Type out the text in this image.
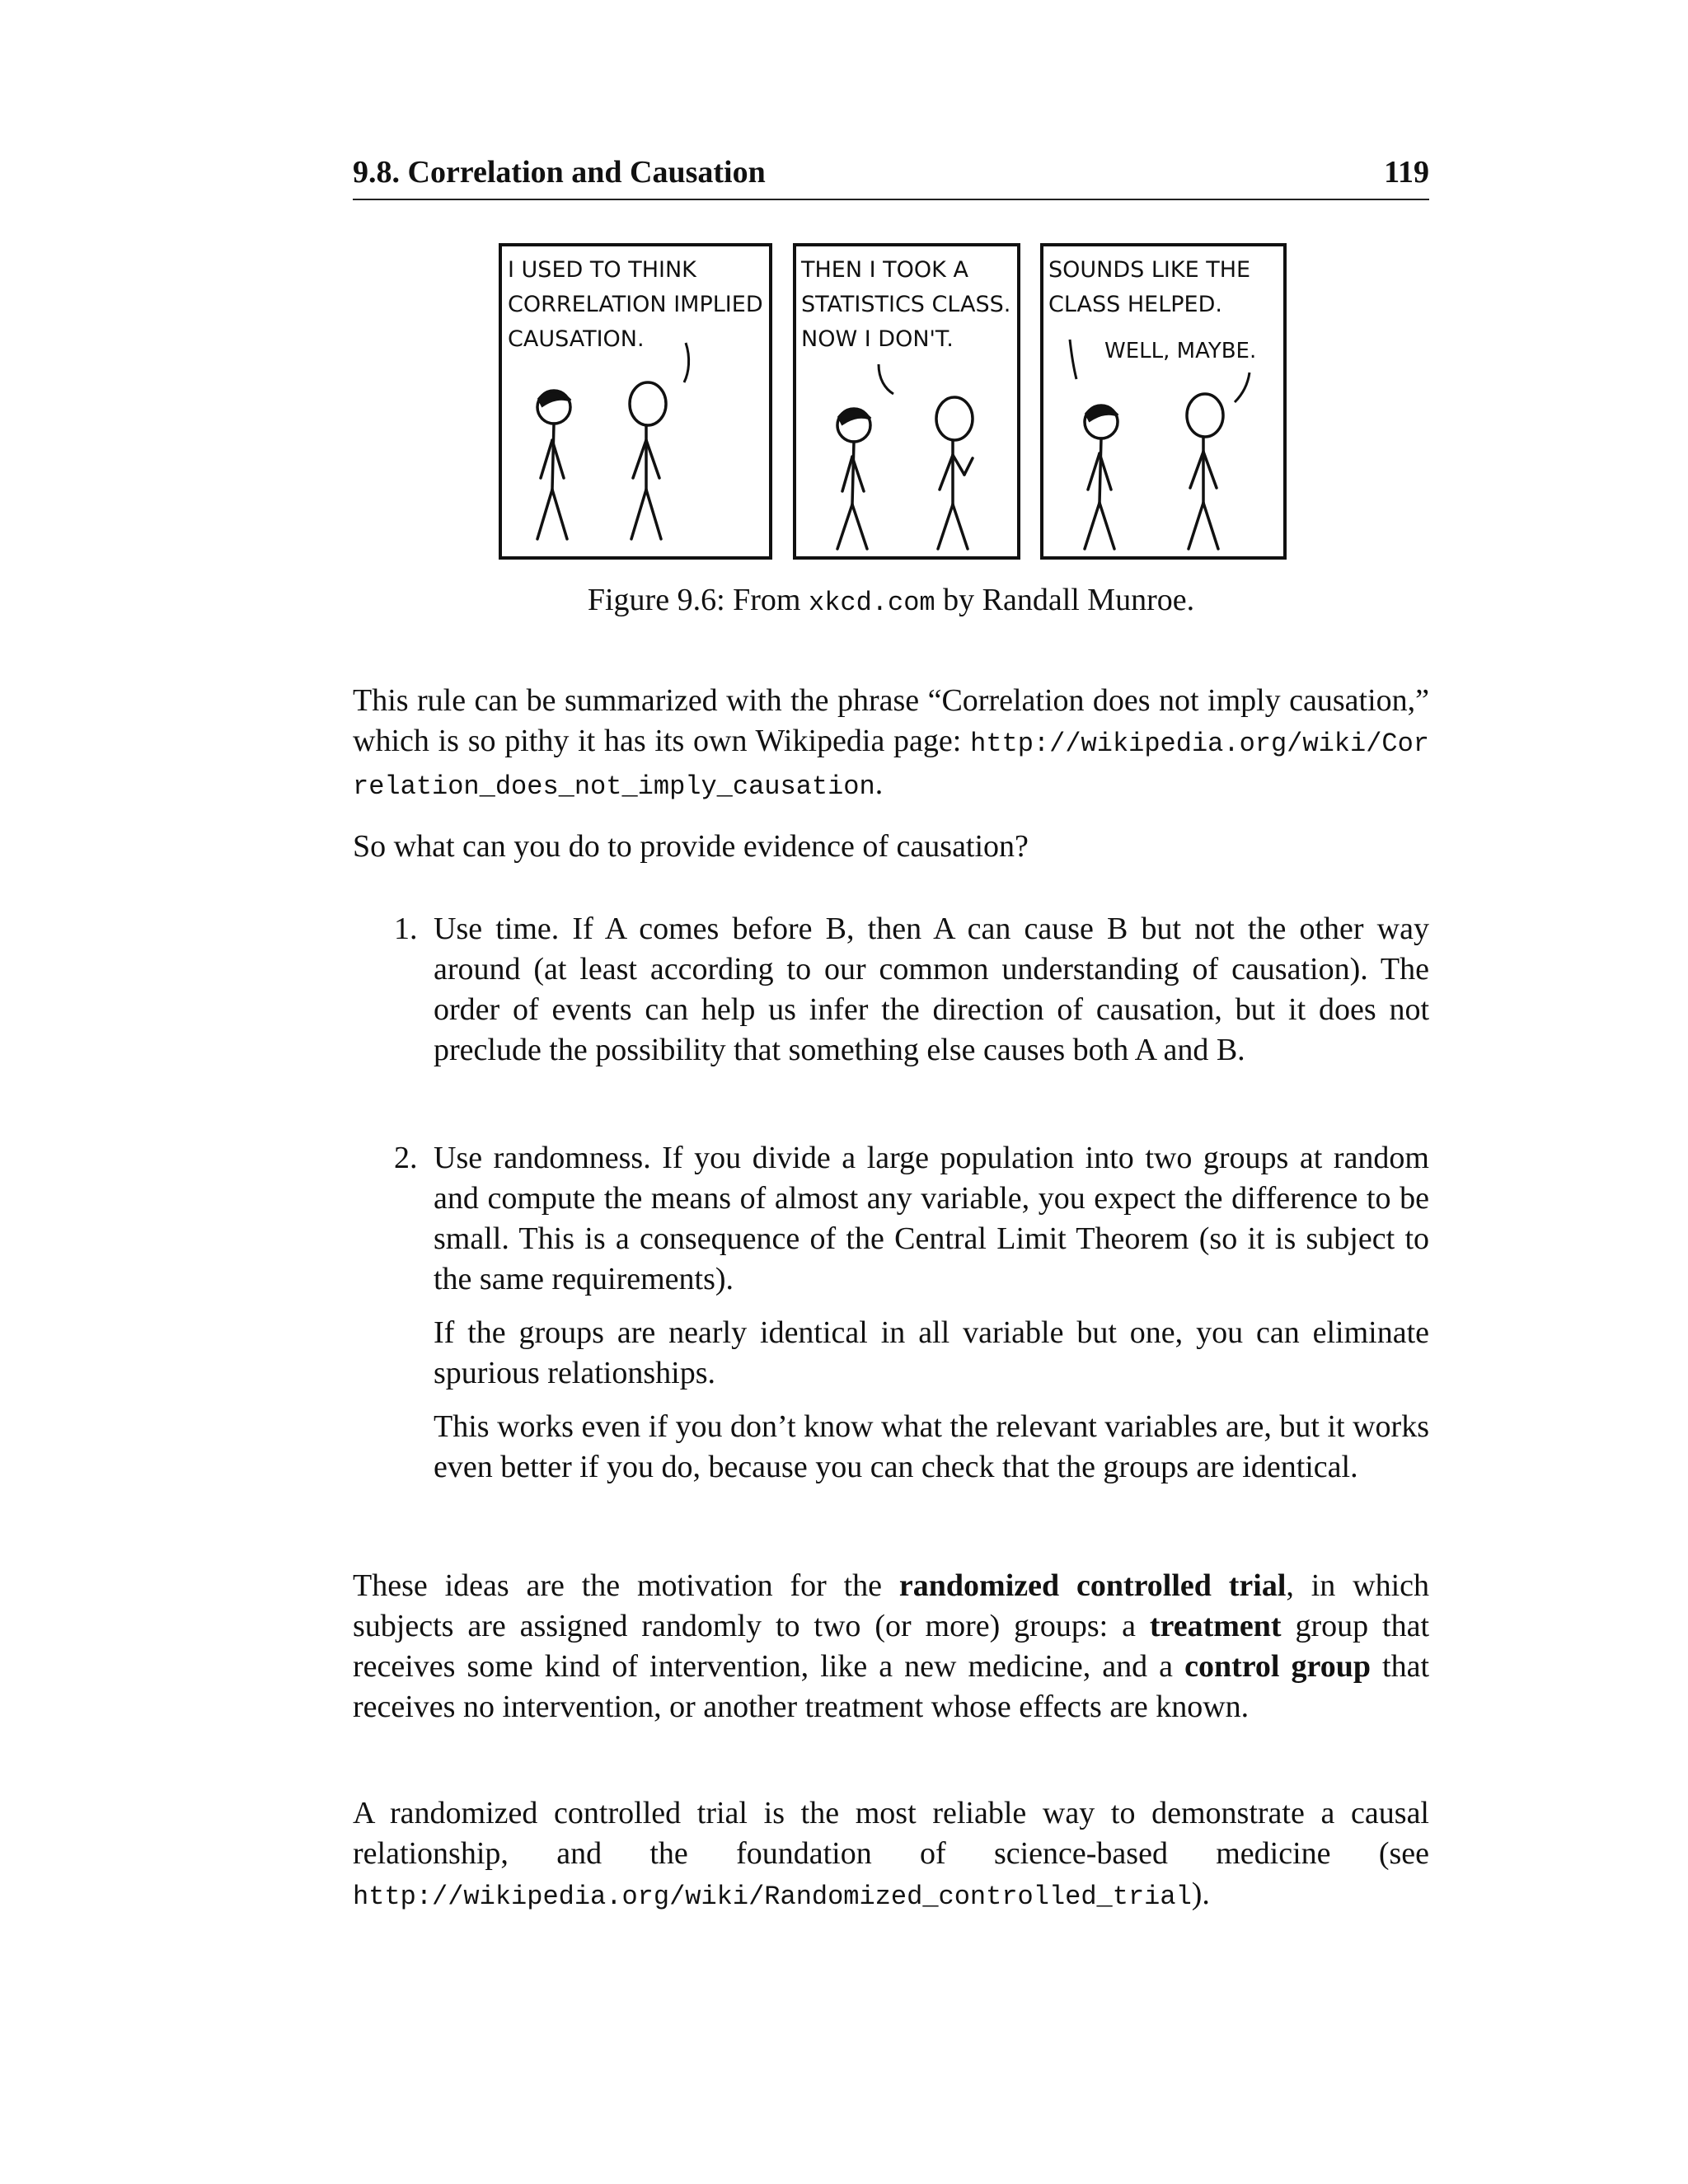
9.8. Correlation and Causation	119
I USED TO THINK
CORRELATION IMPLIED
CAUSATION.
THEN I TOOK A
STATISTICS CLASS.
NOW I DON'T.
SOUNDS LIKE THE
CLASS HELPED.
WELL, MAYBE.
Figure 9.6: From xkcd.com by Randall Munroe.

This rule can be summarized with the phrase “Correlation does not imply causation,” which is so pithy it has its own Wikipedia page: http://wikipedia.org/wiki/Correlation_does_not_imply_causation.

So what can you do to provide evidence of causation?

1. Use time. If A comes before B, then A can cause B but not the other way around (at least according to our common understanding of causation). The order of events can help us infer the direction of causation, but it does not preclude the possibility that something else causes both A and B.

2. Use randomness. If you divide a large population into two groups at random and compute the means of almost any variable, you expect the difference to be small. This is a consequence of the Central Limit Theorem (so it is subject to the same requirements).

If the groups are nearly identical in all variable but one, you can eliminate spurious relationships.

This works even if you don’t know what the relevant variables are, but it works even better if you do, because you can check that the groups are identical.

These ideas are the motivation for the randomized controlled trial, in which subjects are assigned randomly to two (or more) groups: a treatment group that receives some kind of intervention, like a new medicine, and a control group that receives no intervention, or another treatment whose effects are known.

A randomized controlled trial is the most reliable way to demonstrate a causal relationship, and the foundation of science-based medicine (see http://wikipedia.org/wiki/Randomized_controlled_trial).
